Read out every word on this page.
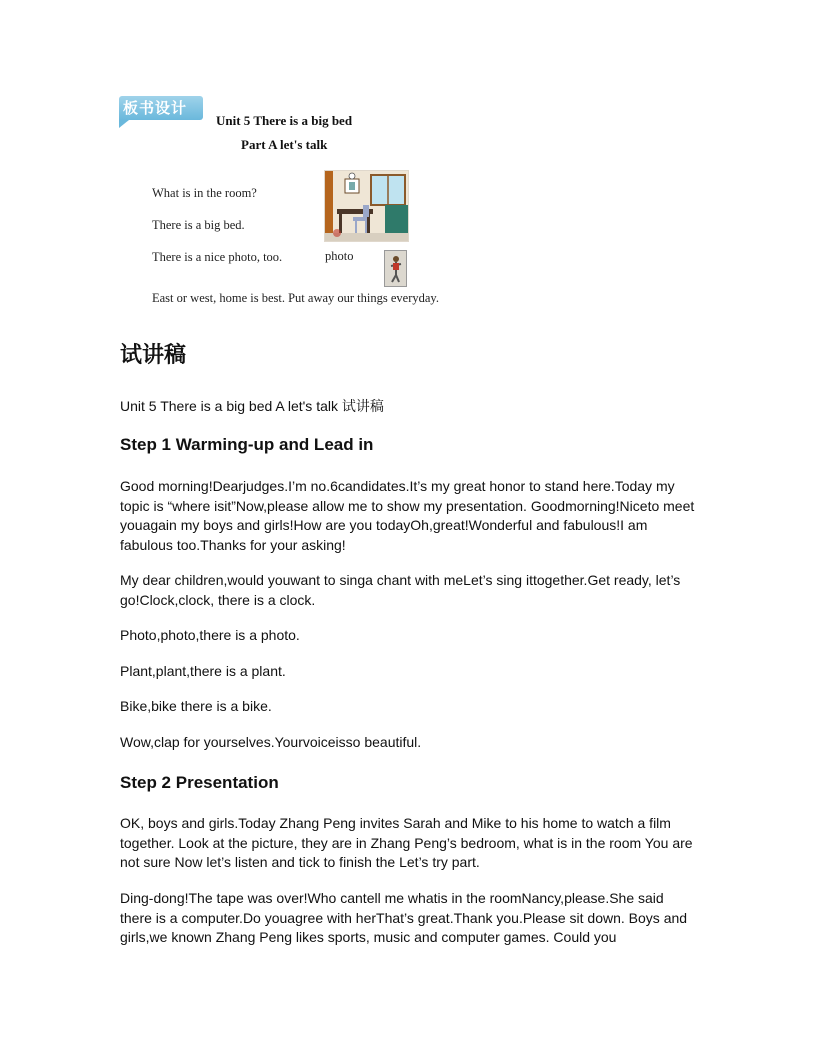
板书设计
Unit 5 There is a big bed
Part A let's talk
What is in the room?
There is a big bed.
There is a nice photo, too.	photo
East or west, home is best. Put away our things everyday.
试讲稿
Unit 5 There is a big bed A let's talk 试讲稿
Step 1 Warming-up and Lead in

Good morning!Dearjudges.I’m no.6candidates.It’s my great honor to stand here.Today my topic is “where isit”Now,please allow me to show my presentation. Goodmorning!Niceto meet youagain my boys and girls!How are you todayOh,great!Wonderful and fabulous!I am fabulous too.Thanks for your asking!

My dear children,would youwant to singa chant with meLet’s sing ittogether.Get ready, let’s go!Clock,clock, there is a clock.

Photo,photo,there is a photo.

Plant,plant,there is a plant.

Bike,bike there is a bike.

Wow,clap for yourselves.Yourvoiceisso beautiful.

Step 2 Presentation

OK, boys and girls.Today Zhang Peng invites Sarah and Mike to his home to watch a film together. Look at the picture, they are in Zhang Peng’s bedroom, what is in the room You are not sure Now let’s listen and tick to finish the Let’s try part.

Ding-dong!The tape was over!Who cantell me whatis in the roomNancy,please.She said there is a computer.Do youagree with herThat’s great.Thank you.Please sit down. Boys and girls,we known Zhang Peng likes sports, music and computer games. Could you
